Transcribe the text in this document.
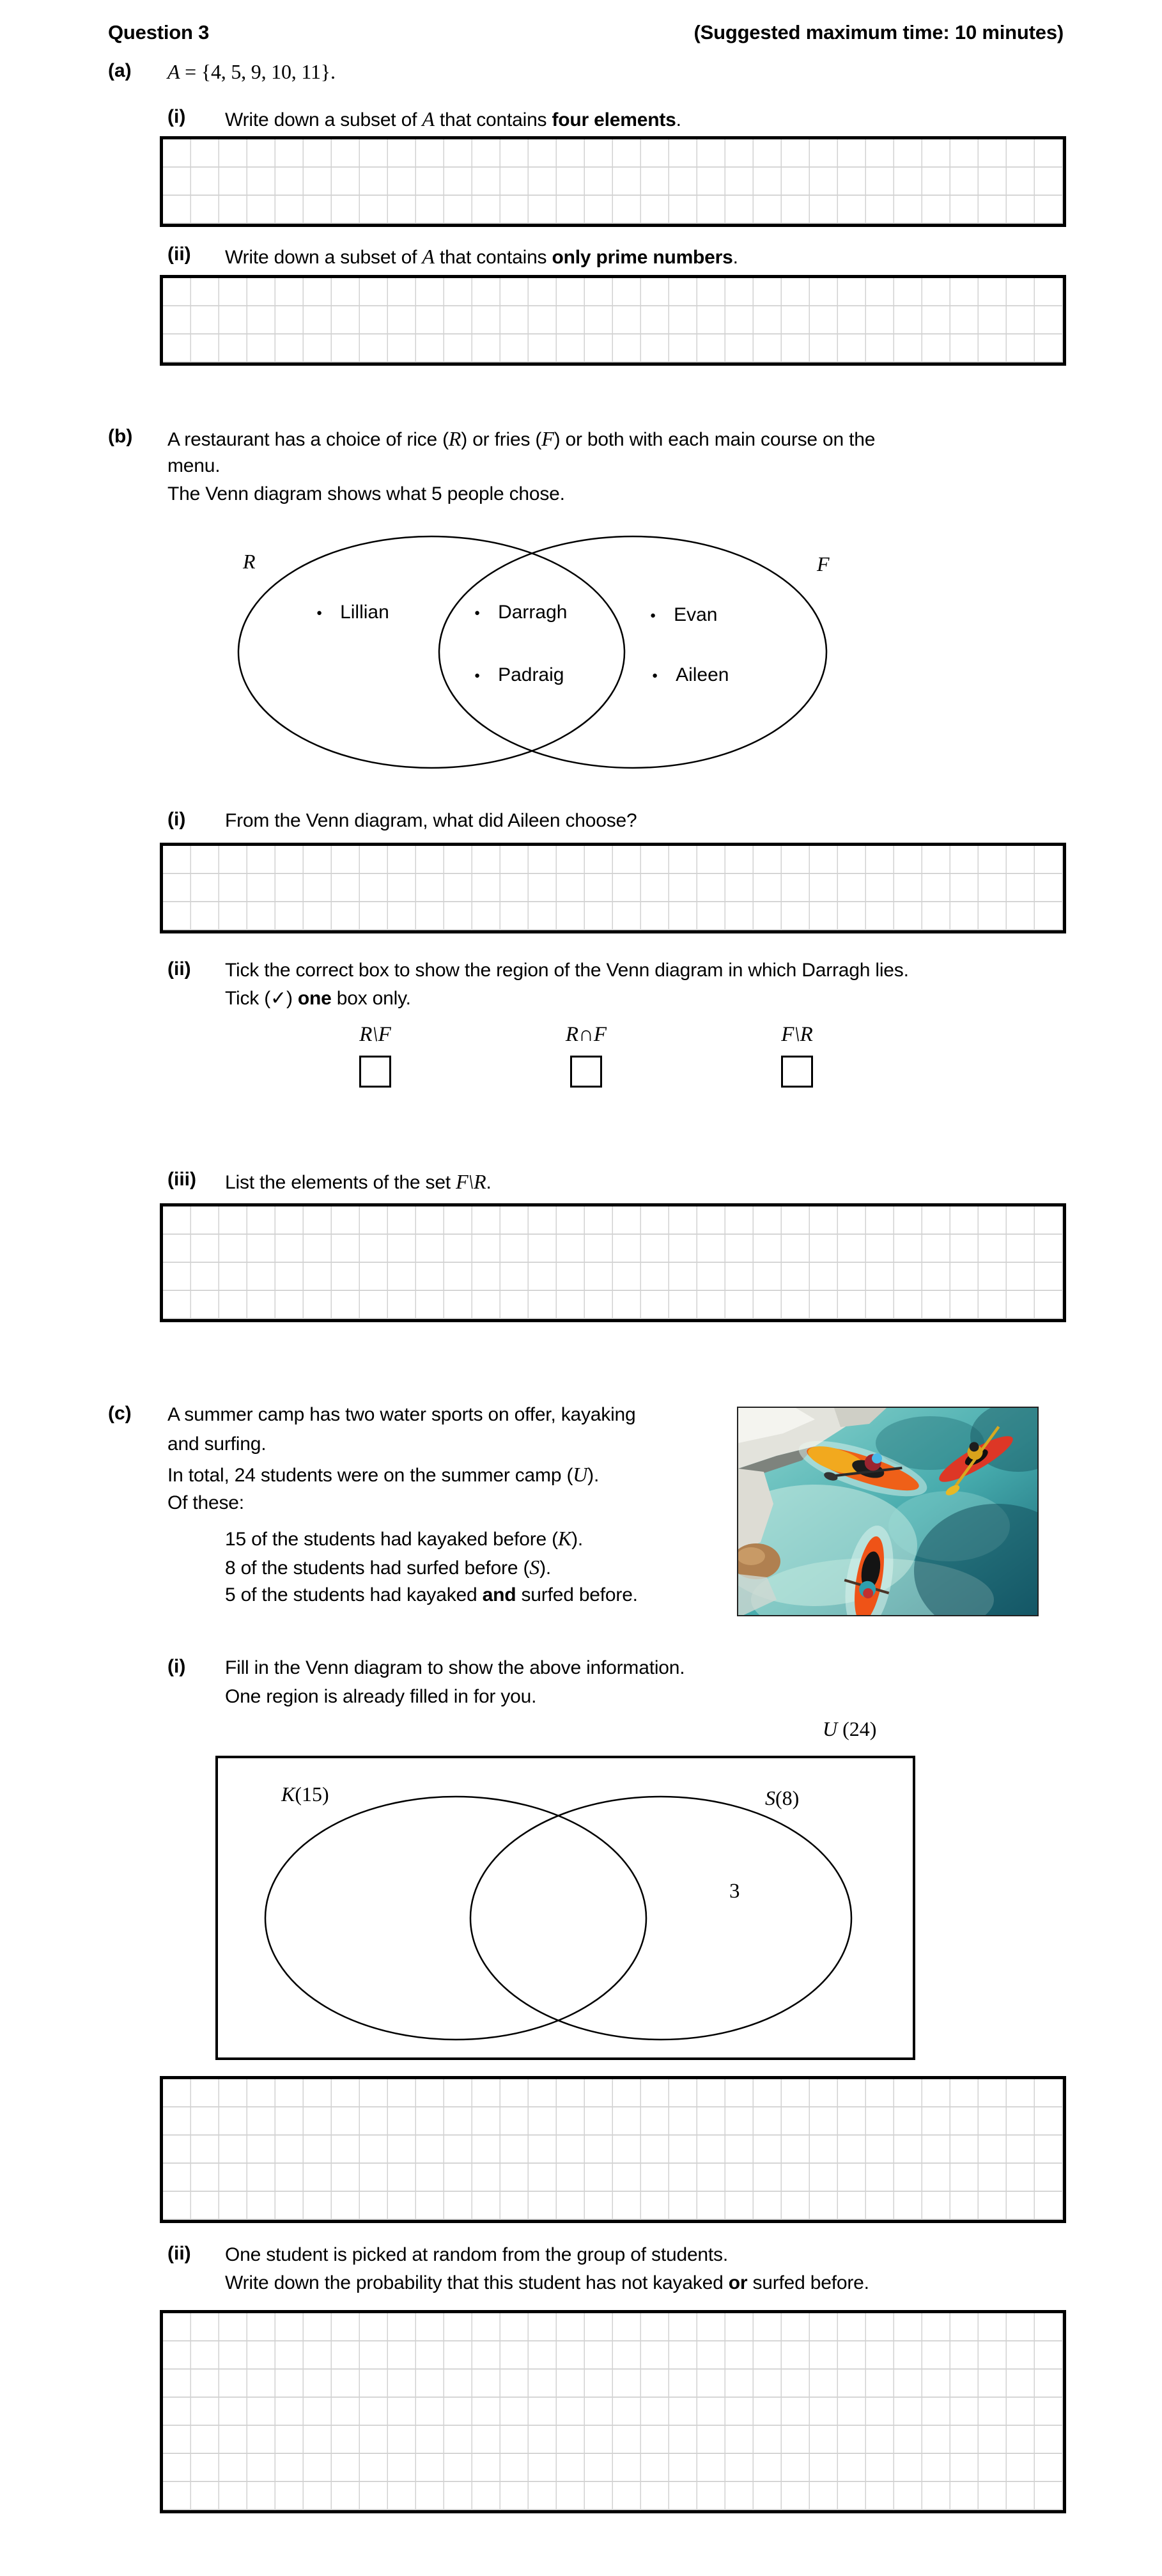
Question 3	(Suggested maximum time: 10 minutes)
(a) A = {4, 5, 9, 10, 11}.
(i) Write down a subset of A that contains four elements.
(ii) Write down a subset of A that contains only prime numbers.
(b) A restaurant has a choice of rice (R) or fries (F) or both with each main course on the
menu.
The Venn diagram shows what 5 people chose.
R	F
● Lillian	● Darragh	● Evan
● Padraig	● Aileen
(i) From the Venn diagram, what did Aileen choose?
(ii) Tick the correct box to show the region of the Venn diagram in which Darragh lies.
Tick (✓) one box only.
R\F	R∩F	F\R
(iii) List the elements of the set F\R.
(c) A summer camp has two water sports on offer, kayaking
and surfing.
In total, 24 students were on the summer camp (U).
Of these:
15 of the students had kayaked before (K).
8 of the students had surfed before (S).
5 of the students had kayaked and surfed before.
(i) Fill in the Venn diagram to show the above information.
One region is already filled in for you.
U (24)
K(15)	S(8)
3
(ii) One student is picked at random from the group of students.
Write down the probability that this student has not kayaked or surfed before.
